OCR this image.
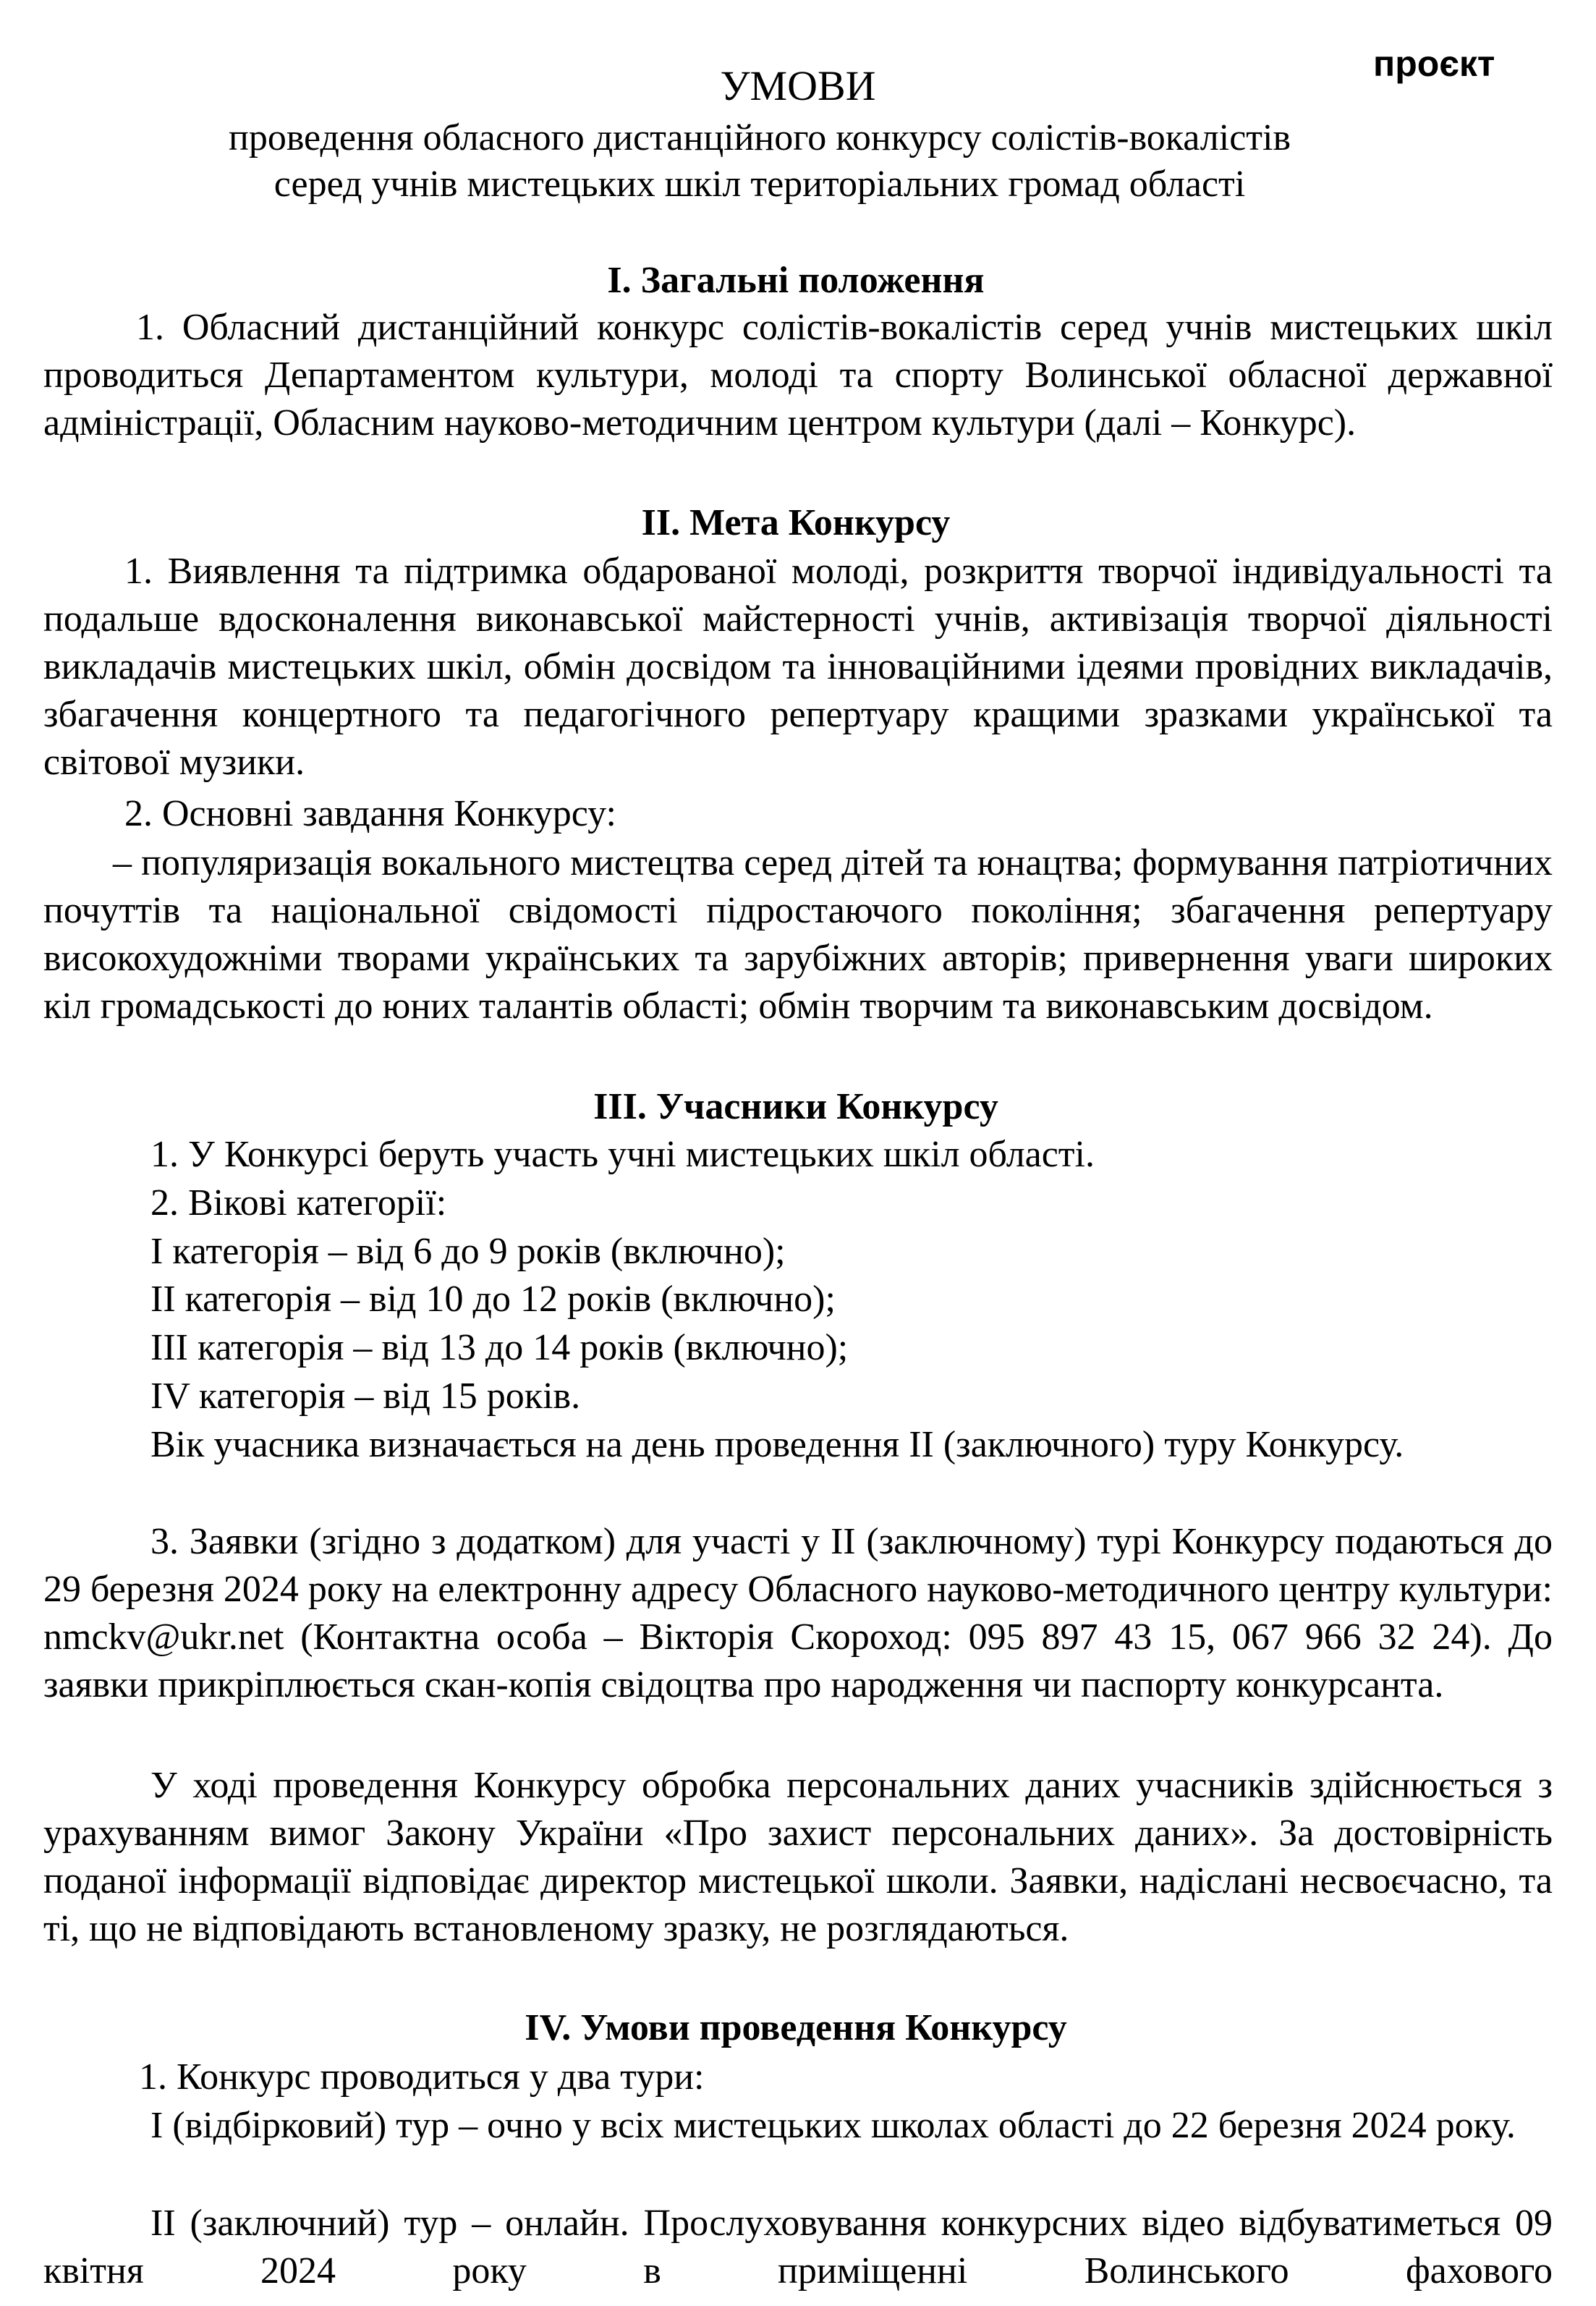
проєкт
УМОВИ
проведення обласного дистанційного конкурсу солістів-вокалістів
серед учнів мистецьких шкіл територіальних громад області
І. Загальні положення
1. Обласний дистанційний конкурс солістів-вокалістів серед учнів мистецьких шкіл проводиться Департаментом культури, молоді та спорту Волинської обласної державної адміністрації, Обласним науково-методичним центром культури (далі – Конкурс).
ІІ. Мета Конкурсу
1. Виявлення та підтримка обдарованої молоді, розкриття творчої індивідуальності та подальше вдосконалення виконавської майстерності учнів, активізація творчої діяльності викладачів мистецьких шкіл, обмін досвідом та інноваційними ідеями провідних викладачів, збагачення концертного та педагогічного репертуару кращими зразками української та світової музики.
2. Основні завдання Конкурсу:
– популяризація вокального мистецтва серед дітей та юнацтва; формування патріотичних почуттів та національної свідомості підростаючого покоління; збагачення репертуару високохудожніми творами українських та зарубіжних авторів; привернення уваги широких кіл громадськості до юних талантів області; обмін творчим та виконавським досвідом.
ІІІ. Учасники Конкурсу
1. У Конкурсі беруть участь учні мистецьких шкіл області.
2. Вікові категорії:
І категорія – від 6 до 9 років (включно);
ІІ категорія – від 10 до 12 років (включно);
ІІІ категорія – від 13 до 14 років (включно);
IV категорія – від 15 років.
Вік учасника визначається на день проведення ІІ (заключного) туру Конкурсу.
3. Заявки (згідно з додатком) для участі у ІІ (заключному) турі Конкурсу подаються до 29 березня 2024 року на електронну адресу Обласного науково-методичного центру культури: nmckv@ukr.net (Контактна особа – Вікторія Скороход: 095 897 43 15, 067 966 32 24). До заявки прикріплюється скан-копія свідоцтва про народження чи паспорту конкурсанта.
У ході проведення Конкурсу обробка персональних даних учасників здійснюється з урахуванням вимог Закону України «Про захист персональних даних». За достовірність поданої інформації відповідає директор мистецької школи. Заявки, надіслані несвоєчасно, та ті, що не відповідають встановленому зразку, не розглядаються.
IV. Умови проведення Конкурсу
1. Конкурс проводиться у два тури:
І (відбірковий) тур – очно у всіх мистецьких школах області до 22 березня 2024 року.
ІІ (заключний) тур – онлайн. Прослуховування конкурсних відео відбуватиметься 09 квітня 2024 року в приміщенні Волинського фахового
